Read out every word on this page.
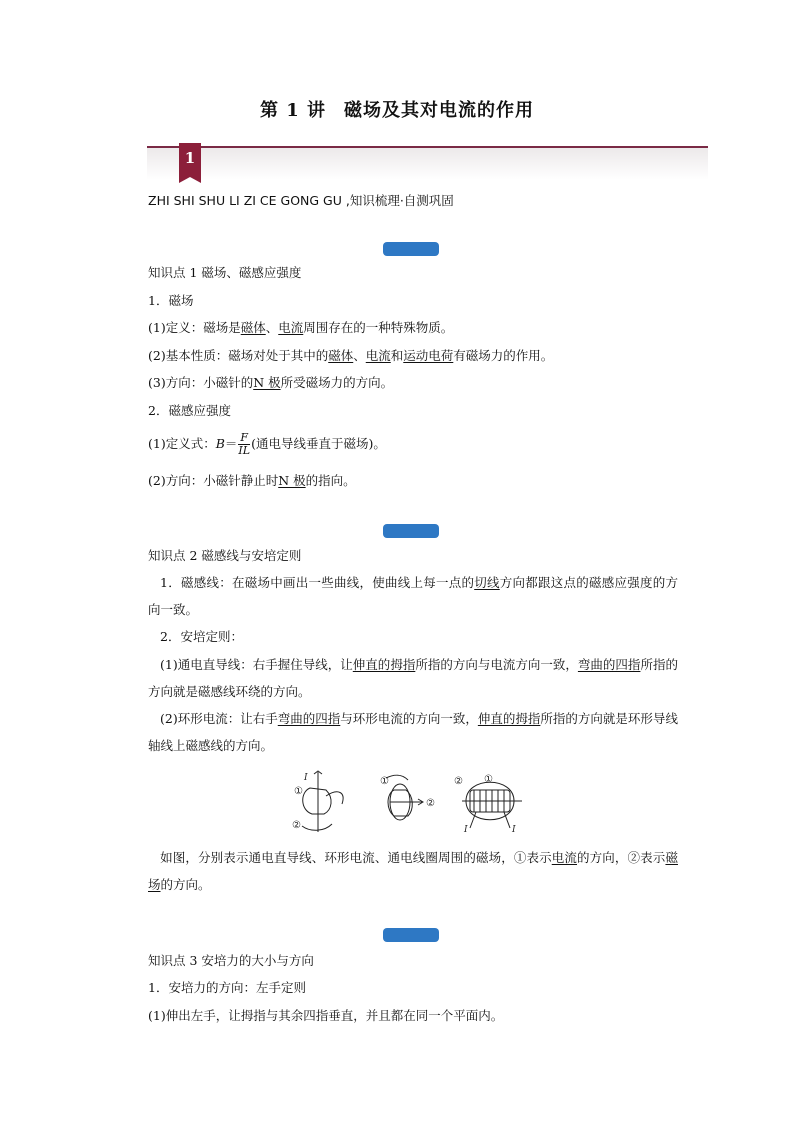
第 1 讲 磁场及其对电流的作用
1
ZHI SHI SHU LI ZI CE GONG GU ,知识梳理·自测巩固
知识点 1 磁场、磁感应强度
1．磁场
(1)定义：磁场是磁体、电流周围存在的一种特殊物质。
(2)基本性质：磁场对处于其中的磁体、电流和运动电荷有磁场力的作用。
(3)方向：小磁针的N 极所受磁场力的方向。
2．磁感应强度
(1)定义式：$B= \frac{F}{IL}$ (通电导线垂直于磁场)。
(2)方向：小磁针静止时N 极的指向。
知识点 2 磁感线与安培定则
1．磁感线：在磁场中画出一些曲线，使曲线上每一点的切线方向都跟这点的磁感应强度的方向一致。
2．安培定则：
(1)通电直导线：右手握住导线，让伸直的拇指所指的方向与电流方向一致，弯曲的四指所指的方向就是磁感线环绕的方向。
(2)环形电流：让右手弯曲的四指与环形电流的方向一致，伸直的拇指所指的方向就是环形导线轴线上磁感线的方向。
I
①
②
①
②
② ①
I	I
如图，分别表示通电直导线、环形电流、通电线圈周围的磁场，①表示电流的方向，②表示磁场的方向。
知识点 3 安培力的大小与方向
1．安培力的方向：左手定则
(1)伸出左手，让拇指与其余四指垂直，并且都在同一个平面内。
